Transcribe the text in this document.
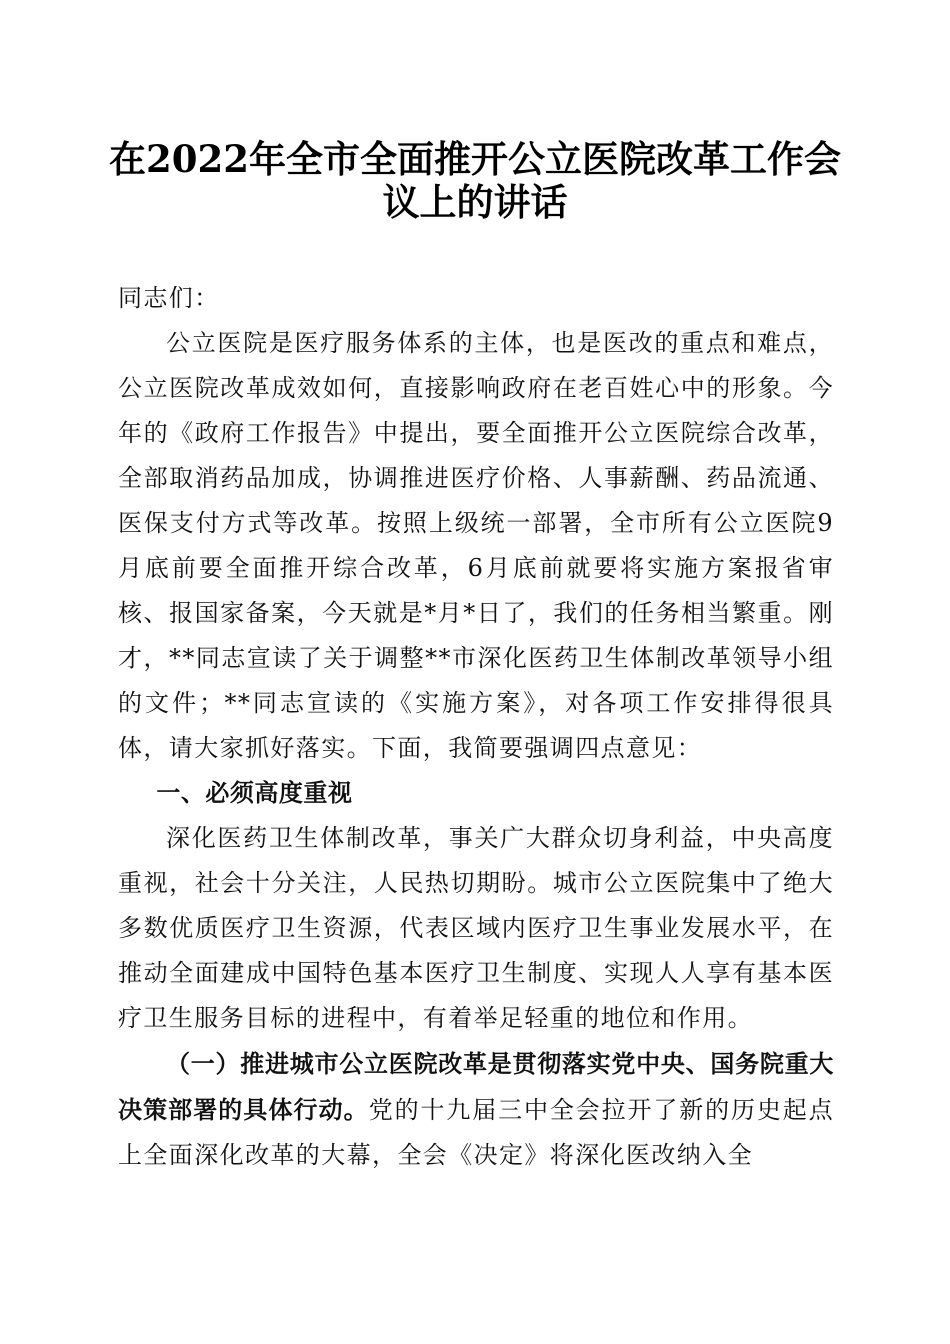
在2022年全市全面推开公立医院改革工作会
议上的讲话

同志们：

公立医院是医疗服务体系的主体，也是医改的重点和难点，公立医院改革成效如何，直接影响政府在老百姓心中的形象。今年的《政府工作报告》中提出，要全面推开公立医院综合改革，全部取消药品加成，协调推进医疗价格、人事薪酬、药品流通、医保支付方式等改革。按照上级统一部署，全市所有公立医院9月底前要全面推开综合改革，6月底前就要将实施方案报省审核、报国家备案，今天就是*月*日了，我们的任务相当繁重。刚才，**同志宣读了关于调整**市深化医药卫生体制改革领导小组的文件；**同志宣读的《实施方案》，对各项工作安排得很具体，请大家抓好落实。下面，我简要强调四点意见：

一、必须高度重视

深化医药卫生体制改革，事关广大群众切身利益，中央高度重视，社会十分关注，人民热切期盼。城市公立医院集中了绝大多数优质医疗卫生资源，代表区域内医疗卫生事业发展水平，在推动全面建成中国特色基本医疗卫生制度、实现人人享有基本医疗卫生服务目标的进程中，有着举足轻重的地位和作用。

（一）推进城市公立医院改革是贯彻落实党中央、国务院重大决策部署的具体行动。党的十九届三中全会拉开了新的历史起点上全面深化改革的大幕，全会《决定》将深化医改纳入全
